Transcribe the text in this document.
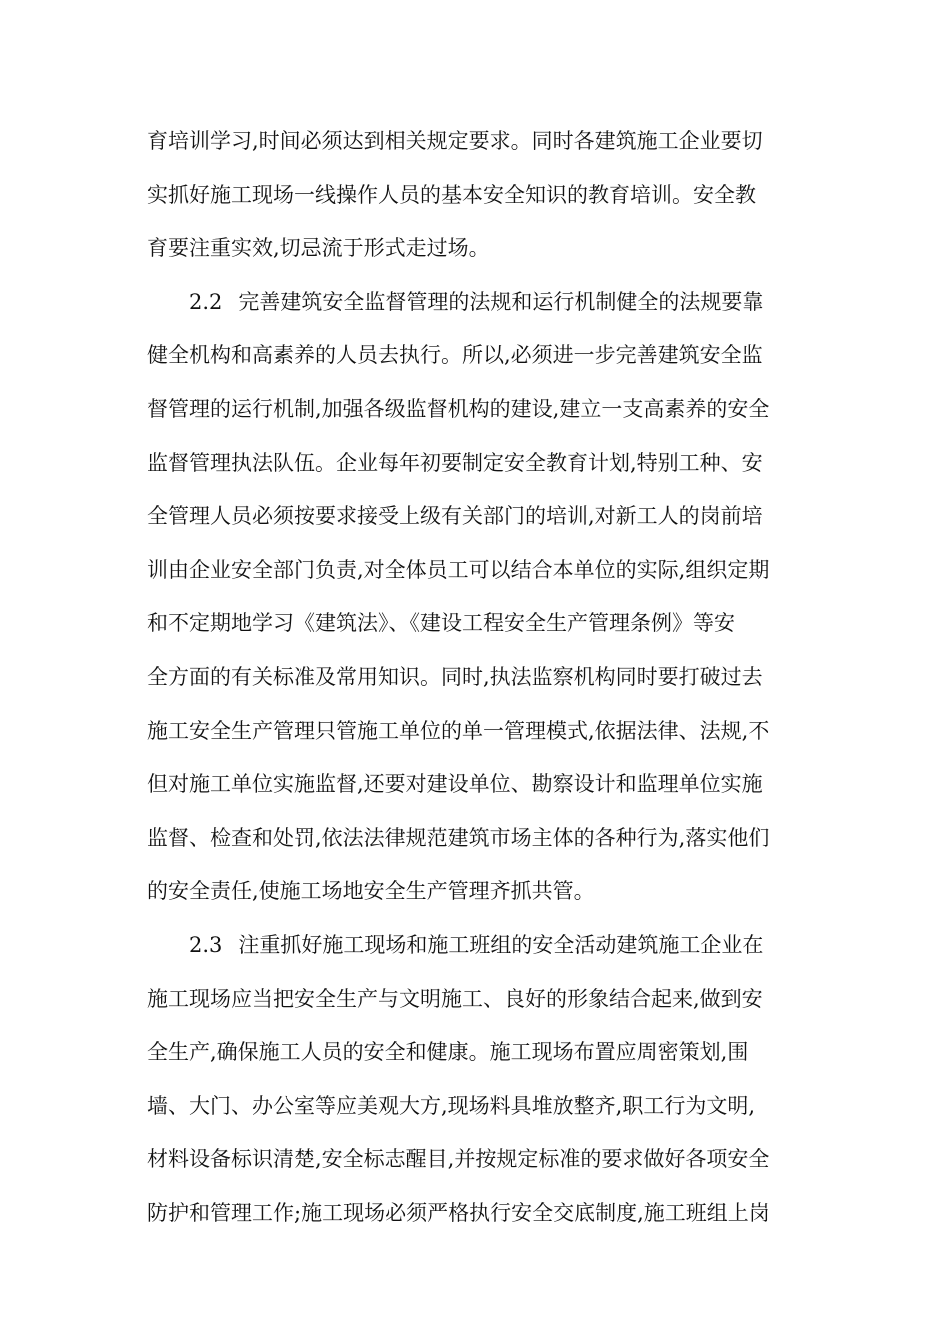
育培训学习,时间必须达到相关规定要求。同时各建筑施工企业要切
实抓好施工现场一线操作人员的基本安全知识的教育培训。安全教
育要注重实效,切忌流于形式走过场。
2.2 完善建筑安全监督管理的法规和运行机制健全的法规要靠
健全机构和高素养的人员去执行。所以,必须进一步完善建筑安全监
督管理的运行机制,加强各级监督机构的建设,建立一支高素养的安全
监督管理执法队伍。企业每年初要制定安全教育计划,特别工种、安
全管理人员必须按要求接受上级有关部门的培训,对新工人的岗前培
训由企业安全部门负责,对全体员工可以结合本单位的实际,组织定期
和不定期地学习《建筑法》、《建设工程安全生产管理条例》等安
全方面的有关标准及常用知识。同时,执法监察机构同时要打破过去
施工安全生产管理只管施工单位的单一管理模式,依据法律、法规,不
但对施工单位实施监督,还要对建设单位、勘察设计和监理单位实施
监督、检查和处罚,依法法律规范建筑市场主体的各种行为,落实他们
的安全责任,使施工场地安全生产管理齐抓共管。
2.3 注重抓好施工现场和施工班组的安全活动建筑施工企业在
施工现场应当把安全生产与文明施工、良好的形象结合起来,做到安
全生产,确保施工人员的安全和健康。施工现场布置应周密策划,围
墙、大门、办公室等应美观大方,现场料具堆放整齐,职工行为文明,
材料设备标识清楚,安全标志醒目,并按规定标准的要求做好各项安全
防护和管理工作;施工现场必须严格执行安全交底制度,施工班组上岗
